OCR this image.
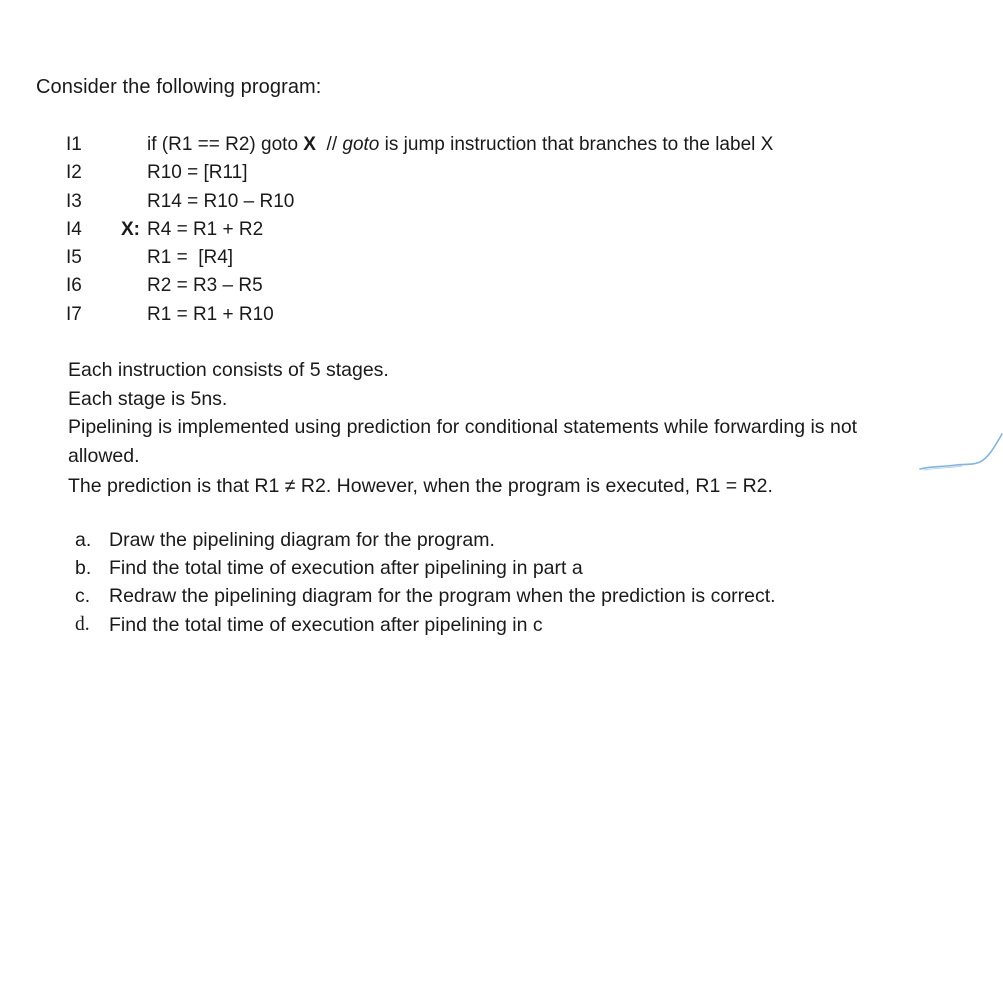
Consider the following program:
I1	if (R1 == R2) goto X  // goto is jump instruction that branches to the label X
I2	R10 = [R11]
I3	R14 = R10 – R10
I4 X: R4 = R1 + R2
I5	R1 =  [R4]
I6	R2 = R3 – R5
I7	R1 = R1 + R10

Each instruction consists of 5 stages.

Each stage is 5ns.

Pipelining is implemented using prediction for conditional statements while forwarding is not allowed.

The prediction is that R1 ≠ R2. However, when the program is executed, R1 = R2.

a. Draw the pipelining diagram for the program.
b. Find the total time of execution after pipelining in part a
c. Redraw the pipelining diagram for the program when the prediction is correct.
d. Find the total time of execution after pipelining in c
